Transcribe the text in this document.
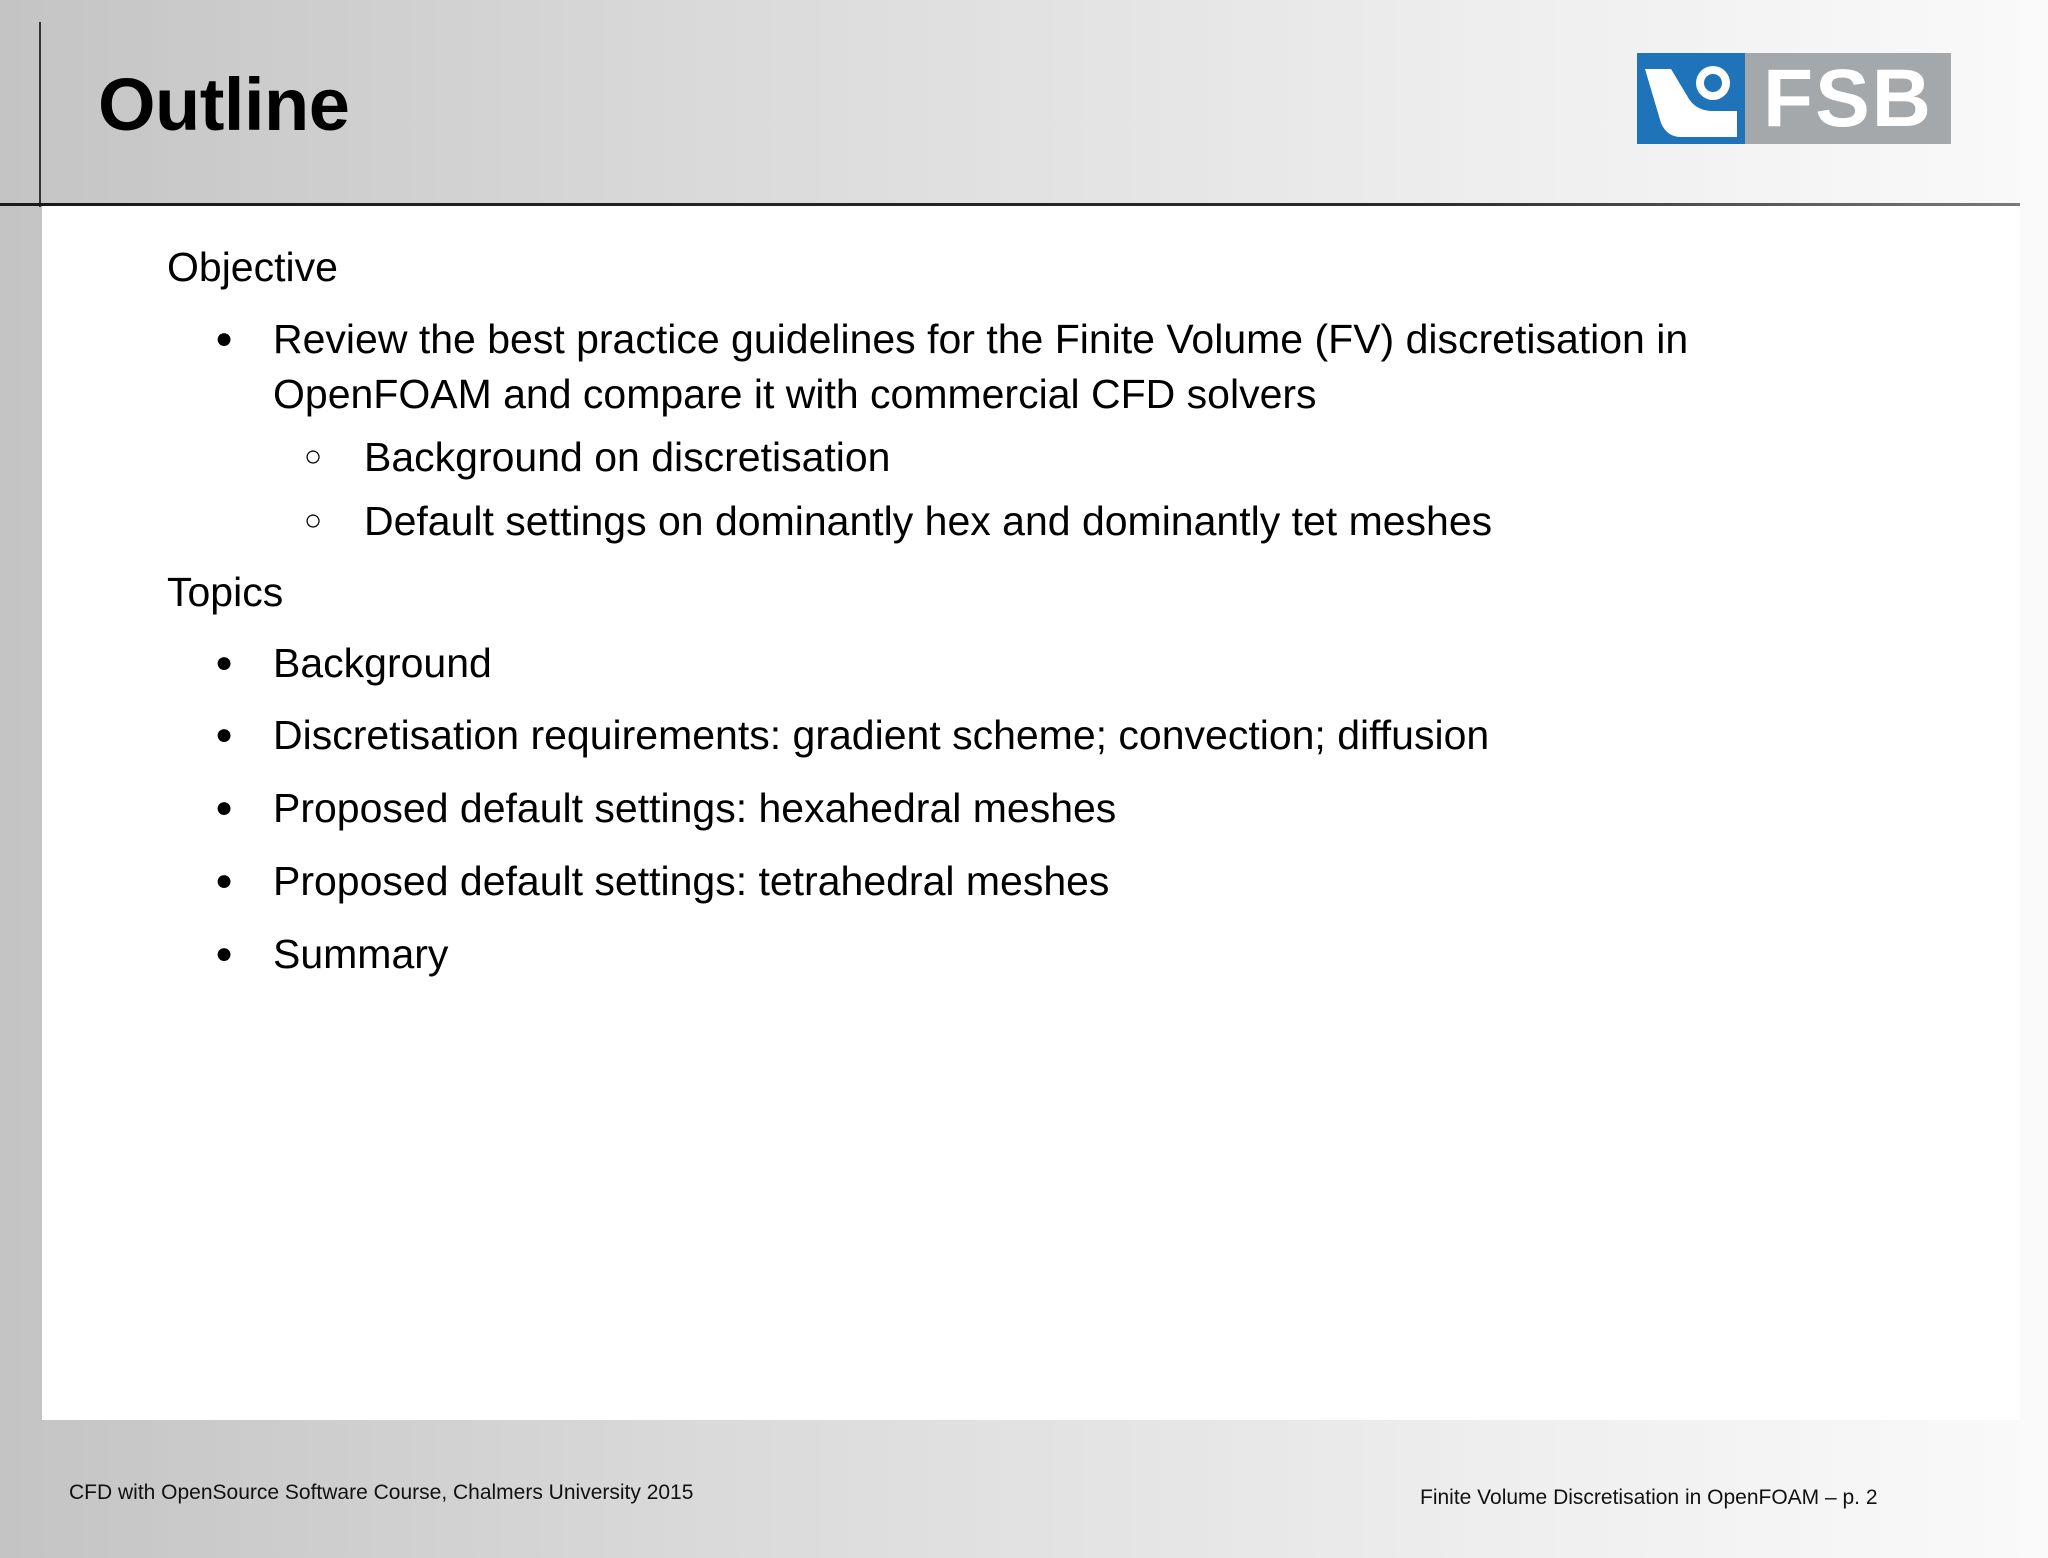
Outline	FSB
Objective
● Review the best practice guidelines for the Finite Volume (FV) discretisation in
OpenFOAM and compare it with commercial CFD solvers
○ Background on discretisation
○ Default settings on dominantly hex and dominantly tet meshes
Topics
● Background
● Discretisation requirements: gradient scheme; convection; diffusion
● Proposed default settings: hexahedral meshes
● Proposed default settings: tetrahedral meshes
● Summary
CFD with OpenSource Software Course, Chalmers University 2015	Finite Volume Discretisation in OpenFOAM – p. 2
